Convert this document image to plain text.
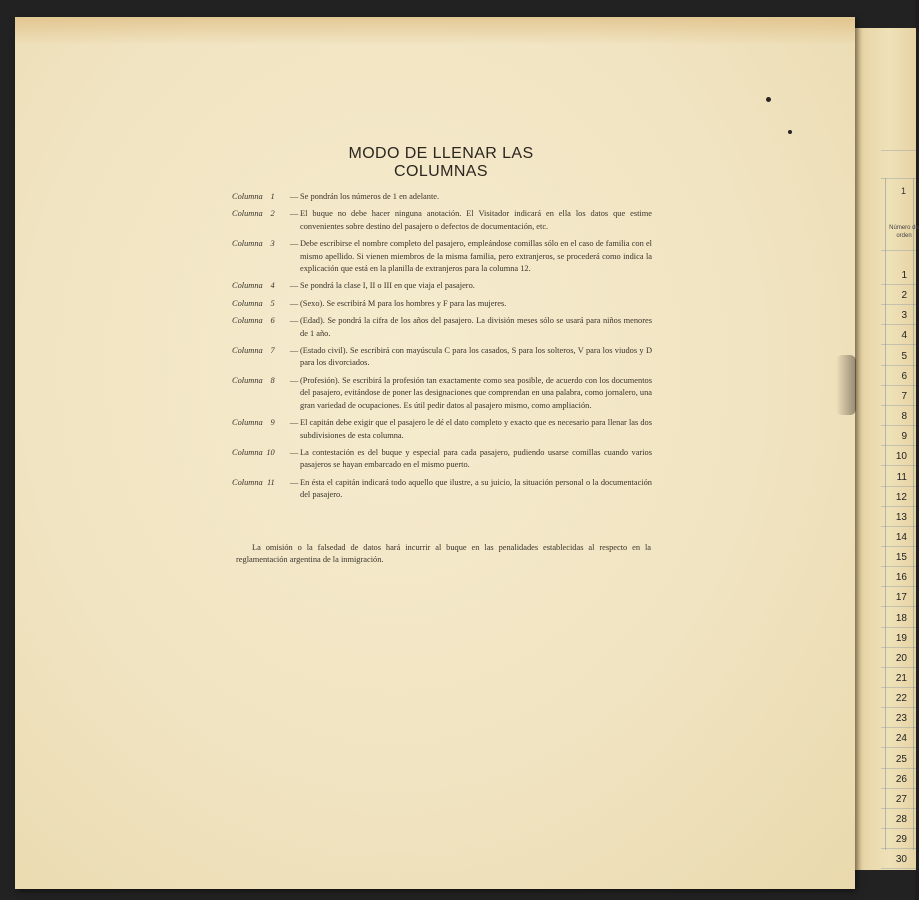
1
Número de orden
1
2
3
4
5
6
7
8
9
10
11
12
13
14
15
16
17
18
19
20
21
22
23
24
25
26
27
28
29
30
MODO DE LLENAR LAS COLUMNAS
Columna 1	— Se pondrán los números de 1 en adelante.
Columna 2	— El buque no debe hacer ninguna anotación. El Visitador indicará en ella los datos que estime convenientes sobre destino del pasajero o defectos de documentación, etc.
Columna 3	— Debe escribirse el nombre completo del pasajero, empleándose comillas sólo en el caso de familia con el mismo apellido. Si vienen miembros de la misma familia, pero extranjeros, se procederá como indica la explicación que está en la planilla de extranjeros para la columna 12.
Columna 4	— Se pondrá la clase I, II o III en que viaja el pasajero.
Columna 5	— (Sexo). Se escribirá M para los hombres y F para las mujeres.
Columna 6	— (Edad). Se pondrá la cifra de los años del pasajero. La división meses sólo se usará para niños menores de 1 año.
Columna 7	— (Estado civil). Se escribirá con mayúscula C para los casados, S para los solteros, V para los viudos y D para los divorciados.
Columna 8	— (Profesión). Se escribirá la profesión tan exactamente como sea posible, de acuerdo con los documentos del pasajero, evitándose de poner las designaciones que comprendan en una palabra, como jornalero, una gran variedad de ocupaciones. Es útil pedir datos al pasajero mismo, como ampliación.
Columna 9	— El capitán debe exigir que el pasajero le dé el dato completo y exacto que es necesario para llenar las dos subdivisiones de esta columna.
Columna 10	— La contestación es del buque y especial para cada pasajero, pudiendo usarse comillas cuando varios pasajeros se hayan embarcado en el mismo puerto.
Columna 11	— En ésta el capitán indicará todo aquello que ilustre, a su juicio, la situación personal o la documentación del pasajero.
La omisión o la falsedad de datos hará incurrir al buque en las penalidades establecidas al respecto en la reglamentación argentina de la inmigración.
